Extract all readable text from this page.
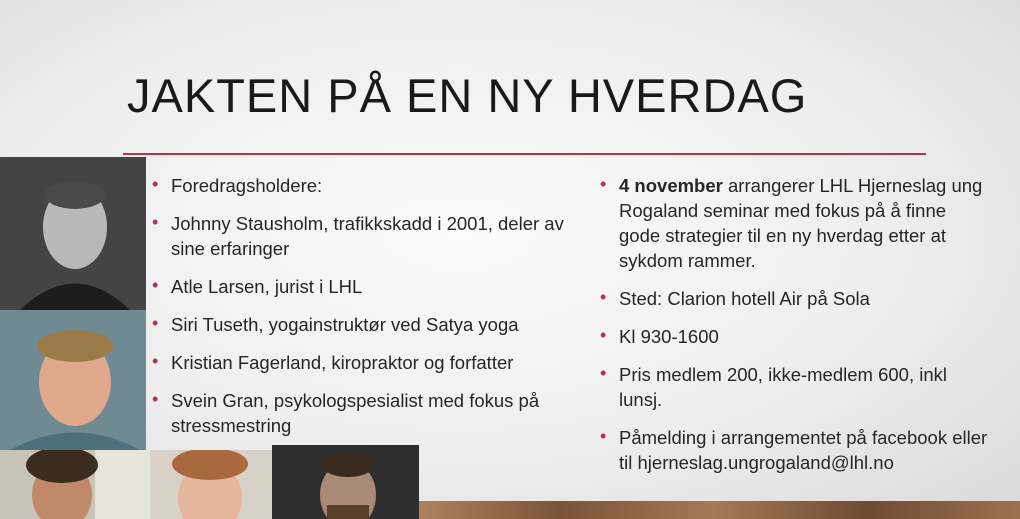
JAKTEN PÅ EN NY HVERDAG
• Foredragsholdere:
• Johnny Stausholm, trafikkskadd i 2001, deler av sine erfaringer
• Atle Larsen, jurist i LHL
• Siri Tuseth, yogainstruktør ved Satya yoga
• Kristian Fagerland, kiropraktor og forfatter
• Svein Gran, psykologspesialist med fokus på stressmestring
• 4 november arrangerer LHL Hjerneslag ung Rogaland seminar med fokus på å finne gode strategier til en ny hverdag etter at sykdom rammer.
• Sted: Clarion hotell Air på Sola
• Kl 930-1600
• Pris medlem 200, ikke-medlem 600, inkl lunsj.
• Påmelding i arrangementet på facebook eller til hjerneslag.ungrogaland@lhl.no
